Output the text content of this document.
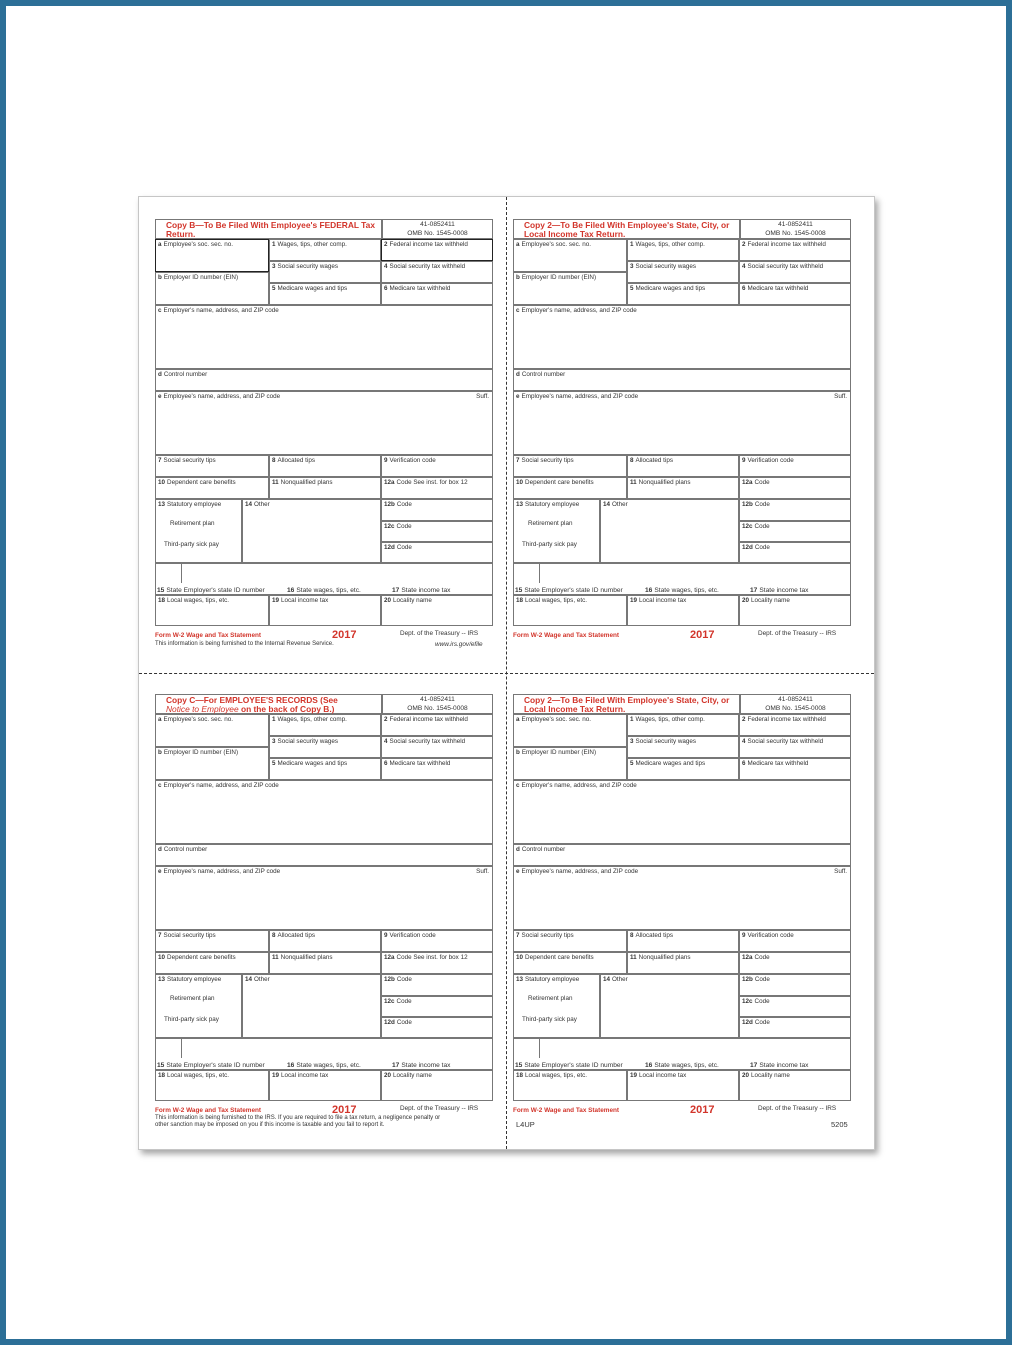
Copy B—To Be Filed With Employee's FEDERAL Tax Return.
41-0852411
OMB No. 1545-0008
a Employee's soc. sec. no.	1 Wages, tips, other comp.	2 Federal income tax withheld
3 Social security wages	4 Social security tax withheld
b Employer ID number (EIN)
5 Medicare wages and tips	6 Medicare tax withheld
c Employer's name, address, and ZIP code
d Control number
e Employee's name, address, and ZIP code	Suff.
7 Social security tips	8 Allocated tips	9 Verification code
10 Dependent care benefits	11 Nonqualified plans	12a Code See inst. for box 12
13 Statutory employee
Retirement plan
Third-party sick pay
14 Other	12b Code
12c Code
12d Code
15 State Employer's state ID number	16 State wages, tips, etc.	17 State income tax
18 Local wages, tips, etc.	19 Local income tax	20 Locality name
Form W-2 Wage and Tax Statement	2017	Dept. of the Treasury -- IRS
This information is being furnished to the Internal Revenue Service.	www.irs.gov/efile
Copy 2—To Be Filed With Employee's State, City, or Local Income Tax Return.
41-0852411
OMB No. 1545-0008
a Employee's soc. sec. no.	1 Wages, tips, other comp.	2 Federal income tax withheld
3 Social security wages	4 Social security tax withheld
b Employer ID number (EIN)
5 Medicare wages and tips	6 Medicare tax withheld
c Employer's name, address, and ZIP code
d Control number
e Employee's name, address, and ZIP code	Suff.
7 Social security tips	8 Allocated tips	9 Verification code
10 Dependent care benefits	11 Nonqualified plans	12a Code
13 Statutory employee
Retirement plan
Third-party sick pay
14 Other	12b Code
12c Code
12d Code
15 State Employer's state ID number	16 State wages, tips, etc.	17 State income tax
18 Local wages, tips, etc.	19 Local income tax	20 Locality name
Form W-2 Wage and Tax Statement	2017	Dept. of the Treasury -- IRS
Copy C—For EMPLOYEE'S RECORDS (See
Notice to Employee on the back of Copy B.)
41-0852411
OMB No. 1545-0008
a Employee's soc. sec. no.	1 Wages, tips, other comp.	2 Federal income tax withheld
3 Social security wages	4 Social security tax withheld
b Employer ID number (EIN)
5 Medicare wages and tips	6 Medicare tax withheld
c Employer's name, address, and ZIP code
d Control number
e Employee's name, address, and ZIP code	Suff.
7 Social security tips	8 Allocated tips	9 Verification code
10 Dependent care benefits	11 Nonqualified plans	12a Code See inst. for box 12
13 Statutory employee
Retirement plan
Third-party sick pay
14 Other	12b Code
12c Code
12d Code
15 State Employer's state ID number	16 State wages, tips, etc.	17 State income tax
18 Local wages, tips, etc.	19 Local income tax	20 Locality name
Form W-2 Wage and Tax Statement	2017	Dept. of the Treasury -- IRS
This information is being furnished to the IRS. If you are required to file a tax return, a negligence penalty or other sanction may be imposed on you if this income is taxable and you fail to report it.
Copy 2—To Be Filed With Employee's State, City, or Local Income Tax Return.
41-0852411
OMB No. 1545-0008
a Employee's soc. sec. no.	1 Wages, tips, other comp.	2 Federal income tax withheld
3 Social security wages	4 Social security tax withheld
b Employer ID number (EIN)
5 Medicare wages and tips	6 Medicare tax withheld
c Employer's name, address, and ZIP code
d Control number
e Employee's name, address, and ZIP code	Suff.
7 Social security tips	8 Allocated tips	9 Verification code
10 Dependent care benefits	11 Nonqualified plans	12a Code
13 Statutory employee
Retirement plan
Third-party sick pay
14 Other	12b Code
12c Code
12d Code
15 State Employer's state ID number	16 State wages, tips, etc.	17 State income tax
18 Local wages, tips, etc.	19 Local income tax	20 Locality name
Form W-2 Wage and Tax Statement	2017	Dept. of the Treasury -- IRS
L4UP	5205
